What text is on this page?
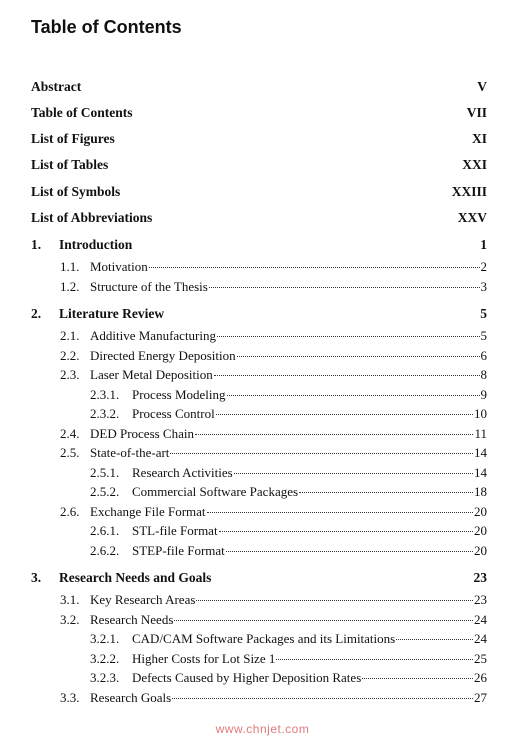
Table of Contents
Abstract	V
Table of Contents	VII
List of Figures	XI
List of Tables	XXI
List of Symbols	XXIII
List of Abbreviations	XXV
1.	Introduction	1
1.1. Motivation	2
1.2. Structure of the Thesis	3
2.	Literature Review	5
2.1. Additive Manufacturing	5
2.2. Directed Energy Deposition	6
2.3. Laser Metal Deposition	8
2.3.1. Process Modeling	9
2.3.2. Process Control	10
2.4. DED Process Chain	11
2.5. State-of-the-art	14
2.5.1. Research Activities	14
2.5.2. Commercial Software Packages	18
2.6. Exchange File Format	20
2.6.1. STL-file Format	20
2.6.2. STEP-file Format	20
3.	Research Needs and Goals	23
3.1. Key Research Areas	23
3.2. Research Needs	24
3.2.1. CAD/CAM Software Packages and its Limitations	24
3.2.2. Higher Costs for Lot Size 1	25
3.2.3. Defects Caused by Higher Deposition Rates	26
3.3. Research Goals	27
www.chnjet.com
